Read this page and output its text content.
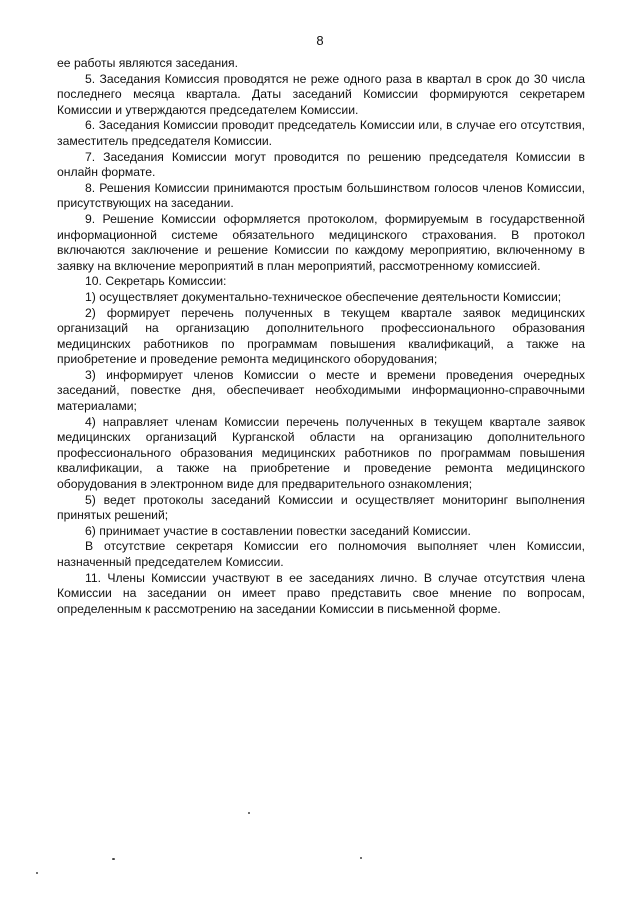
8

ее работы являются заседания.

5. Заседания Комиссия проводятся не реже одного раза в квартал в срок до 30 числа последнего месяца квартала. Даты заседаний Комиссии формируются секретарем Комиссии и утверждаются председателем Комиссии.

6. Заседания Комиссии проводит председатель Комиссии или, в случае его отсутствия, заместитель председателя Комиссии.

7. Заседания Комиссии могут проводится по решению председателя Комиссии в онлайн формате.

8. Решения Комиссии принимаются простым большинством голосов членов Комиссии, присутствующих на заседании.

9. Решение Комиссии оформляется протоколом, формируемым в государственной информационной системе обязательного медицинского страхования. В протокол включаются заключение и решение Комиссии по каждому мероприятию, включенному в заявку на включение мероприятий в план мероприятий, рассмотренному комиссией.

10. Секретарь Комиссии:

1) осуществляет документально-техническое обеспечение деятельности Комиссии;

2) формирует перечень полученных в текущем квартале заявок медицинских организаций на организацию дополнительного профессионального образования медицинских работников по программам повышения квалификаций, а также на приобретение и проведение ремонта медицинского оборудования;

3) информирует членов Комиссии о месте и времени проведения очередных заседаний, повестке дня, обеспечивает необходимыми информационно-справочными материалами;

4) направляет членам Комиссии перечень полученных в текущем квартале заявок медицинских организаций Курганской области на организацию дополнительного профессионального образования медицинских работников по программам повышения квалификации, а также на приобретение и проведение ремонта медицинского оборудования в электронном виде для предварительного ознакомления;

5) ведет протоколы заседаний Комиссии и осуществляет мониторинг выполнения принятых решений;

6) принимает участие в составлении повестки заседаний Комиссии.

В отсутствие секретаря Комиссии его полномочия выполняет член Комиссии, назначенный председателем Комиссии.

11. Члены Комиссии участвуют в ее заседаниях лично. В случае отсутствия члена Комиссии на заседании он имеет право представить свое мнение по вопросам, определенным к рассмотрению на заседании Комиссии в письменной форме.
